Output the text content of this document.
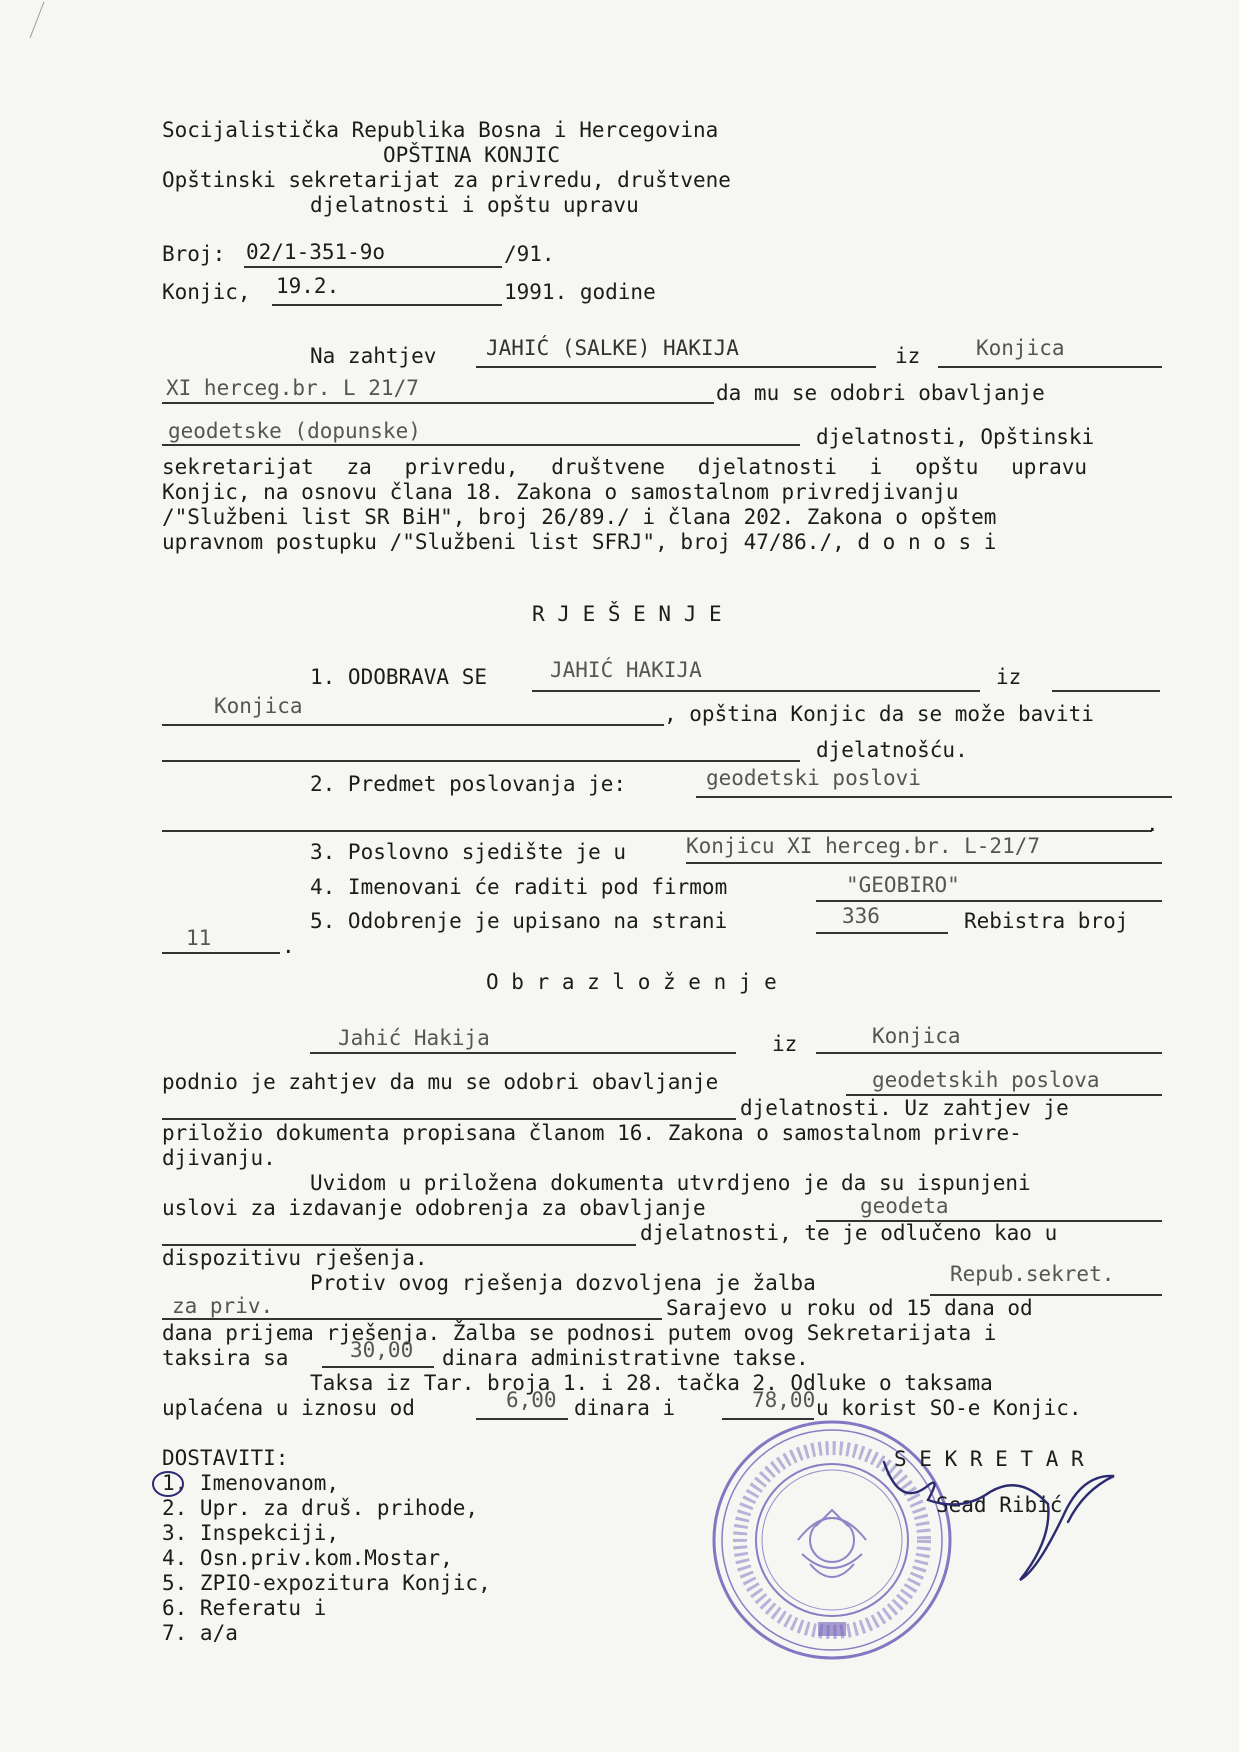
Socijalistička Republika Bosna i Hercegovina
OPŠTINA KONJIC
Opštinski sekretarijat za privredu, društvene
djelatnosti i opštu upravu
Broj: 02/1-351-9o	/91.
Konjic, 19.2.	1991. godine
Na zahtjev JAHIĆ (SALKE) HAKIJA	iz	Konjica
XI herceg.br. L 21/7	da mu se odobri obavljanje
geodetske (dopunske)	djelatnosti, Opštinski
sekretarijat za privredu, društvene djelatnosti i opštu upravu
Konjic, na osnovu člana 18. Zakona o samostalnom privredjivanju
/"Službeni list SR BiH", broj 26/89./ i člana 202. Zakona o opštem
upravnom postupku /"Službeni list SFRJ", broj 47/86./, d o n o s i
R J E Š E N J E
1. ODOBRAVA SE	JAHIĆ HAKIJA	iz
Konjica	, opština Konjic da se može baviti
djelatnošću.
2. Predmet poslovanja je:	geodetski poslovi
.
3. Poslovno sjedište je u	Konjicu XI herceg.br. L-21/7
4. Imenovani će raditi pod firmom	"GEOBIRO"
5. Odobrenje je upisano na strani	336	Rebistra broj
11	.
O b r a z l o ž e n j e
Jahić Hakija	iz	Konjica
podnio je zahtjev da mu se odobri obavljanje	geodetskih poslova
djelatnosti. Uz zahtjev je
priložio dokumenta propisana članom 16. Zakona o samostalnom privre-
djivanju.
Uvidom u priložena dokumenta utvrdjeno je da su ispunjeni
uslovi za izdavanje odobrenja za obavljanje	geodeta
djelatnosti, te je odlučeno kao u
dispozitivu rješenja.
Protiv ovog rješenja dozvoljena je žalba	Repub.sekret.
za priv.	Sarajevo u roku od 15 dana od
dana prijema rješenja. Žalba se podnosi putem ovog Sekretarijata i
taksira sa	30,00 dinara administrativne takse.
Taksa iz Tar. broja 1. i 28. tačka 2. Odluke o taksama
uplaćena u iznosu od	6,00 dinara i	78,00 u korist SO-e Konjic.
S E K R E T A R
Sead Ribić
DOSTAVITI:
1. Imenovanom,
2. Upr. za druš. prihode,
3. Inspekciji,
4. Osn.priv.kom.Mostar,
5. ZPIO-expozitura Konjic,
6. Referatu i
7. a/a
